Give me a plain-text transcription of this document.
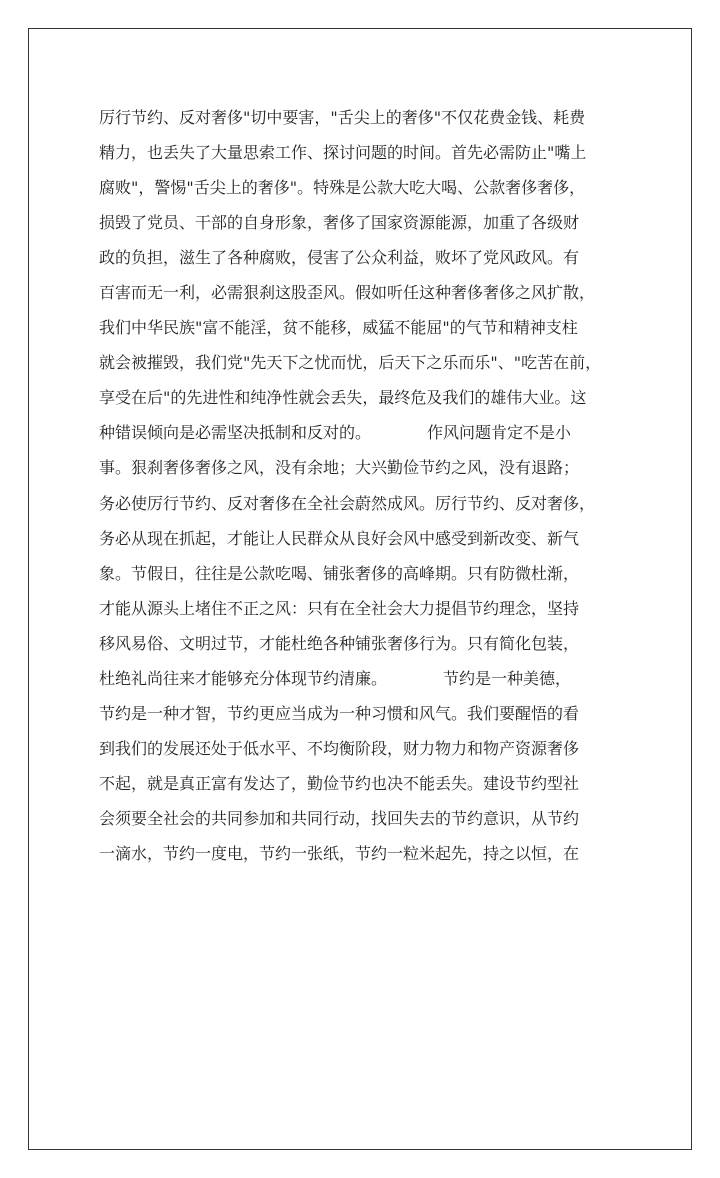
厉行节约、反对奢侈"切中要害，"舌尖上的奢侈"不仅花费金钱、耗费
精力，也丢失了大量思索工作、探讨问题的时间。首先必需防止"嘴上
腐败"，警惕"舌尖上的奢侈"。特殊是公款大吃大喝、公款奢侈奢侈，
损毁了党员、干部的自身形象，奢侈了国家资源能源，加重了各级财
政的负担，滋生了各种腐败，侵害了公众利益，败坏了党风政风。有
百害而无一利，必需狠刹这股歪风。假如听任这种奢侈奢侈之风扩散，
我们中华民族"富不能淫，贫不能移，威猛不能屈"的气节和精神支柱
就会被摧毁，我们党"先天下之忧而忧，后天下之乐而乐"、"吃苦在前，
享受在后"的先进性和纯净性就会丢失，最终危及我们的雄伟大业。这
种错误倾向是必需坚决抵制和反对的。　　　　作风问题肯定不是小
事。狠刹奢侈奢侈之风，没有余地；大兴勤俭节约之风，没有退路；
务必使厉行节约、反对奢侈在全社会蔚然成风。厉行节约、反对奢侈，
务必从现在抓起，才能让人民群众从良好会风中感受到新改变、新气
象。节假日，往往是公款吃喝、铺张奢侈的高峰期。只有防微杜渐，
才能从源头上堵住不正之风：只有在全社会大力提倡节约理念，坚持
移风易俗、文明过节，才能杜绝各种铺张奢侈行为。只有简化包装，
杜绝礼尚往来才能够充分体现节约清廉。　　　　节约是一种美德，
节约是一种才智，节约更应当成为一种习惯和风气。我们要醒悟的看
到我们的发展还处于低水平、不均衡阶段，财力物力和物产资源奢侈
不起，就是真正富有发达了，勤俭节约也决不能丢失。建设节约型社
会须要全社会的共同参加和共同行动，找回失去的节约意识，从节约
一滴水，节约一度电，节约一张纸，节约一粒米起先，持之以恒，在
